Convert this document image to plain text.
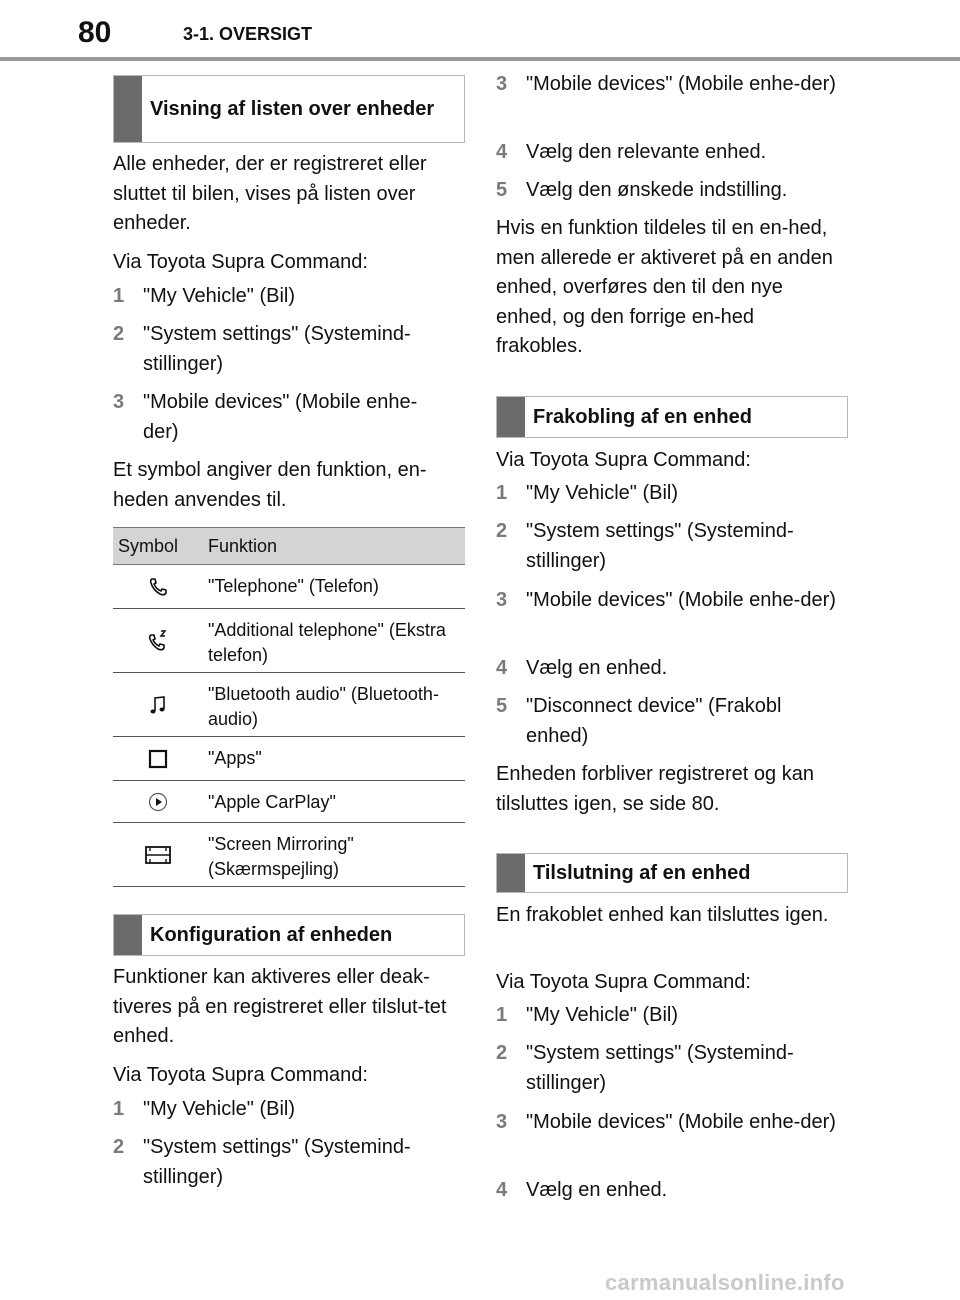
80	3-1. OVERSIGT
Visning af listen over enheder

Alle enheder, der er registreret eller sluttet til bilen, vises på listen over enheder.

Via Toyota Supra Command:

1 "My Vehicle" (Bil)
2 "System settings" (Systemind-stillinger)
3 "Mobile devices" (Mobile enhe-der)

Et symbol angiver den funktion, en-heden anvendes til.

Symbol	Funktion
	"Telephone" (Telefon)
	"Additional telephone" (Ekstra telefon)
	"Bluetooth audio" (Bluetooth-audio)
	"Apps"
	"Apple CarPlay"
	"Screen Mirroring" (Skærmspejling)
Konfiguration af enheden

Funktioner kan aktiveres eller deak-tiveres på en registreret eller tilslut-tet enhed.

Via Toyota Supra Command:

1 "My Vehicle" (Bil)
2 "System settings" (Systemind-stillinger)
3 "Mobile devices" (Mobile enhe-der)
4 Vælg den relevante enhed.
5 Vælg den ønskede indstilling.

Hvis en funktion tildeles til en en-hed, men allerede er aktiveret på en anden enhed, overføres den til den nye enhed, og den forrige en-hed frakobles.

Frakobling af en enhed

Via Toyota Supra Command:

1 "My Vehicle" (Bil)
2 "System settings" (Systemind-stillinger)
3 "Mobile devices" (Mobile enhe-der)
4 Vælg en enhed.
5 "Disconnect device" (Frakobl enhed)

Enheden forbliver registreret og kan tilsluttes igen, se side 80.

Tilslutning af en enhed

En frakoblet enhed kan tilsluttes igen.

Via Toyota Supra Command:

1 "My Vehicle" (Bil)
2 "System settings" (Systemind-stillinger)
3 "Mobile devices" (Mobile enhe-der)
4 Vælg en enhed.
carmanualsonline.info
